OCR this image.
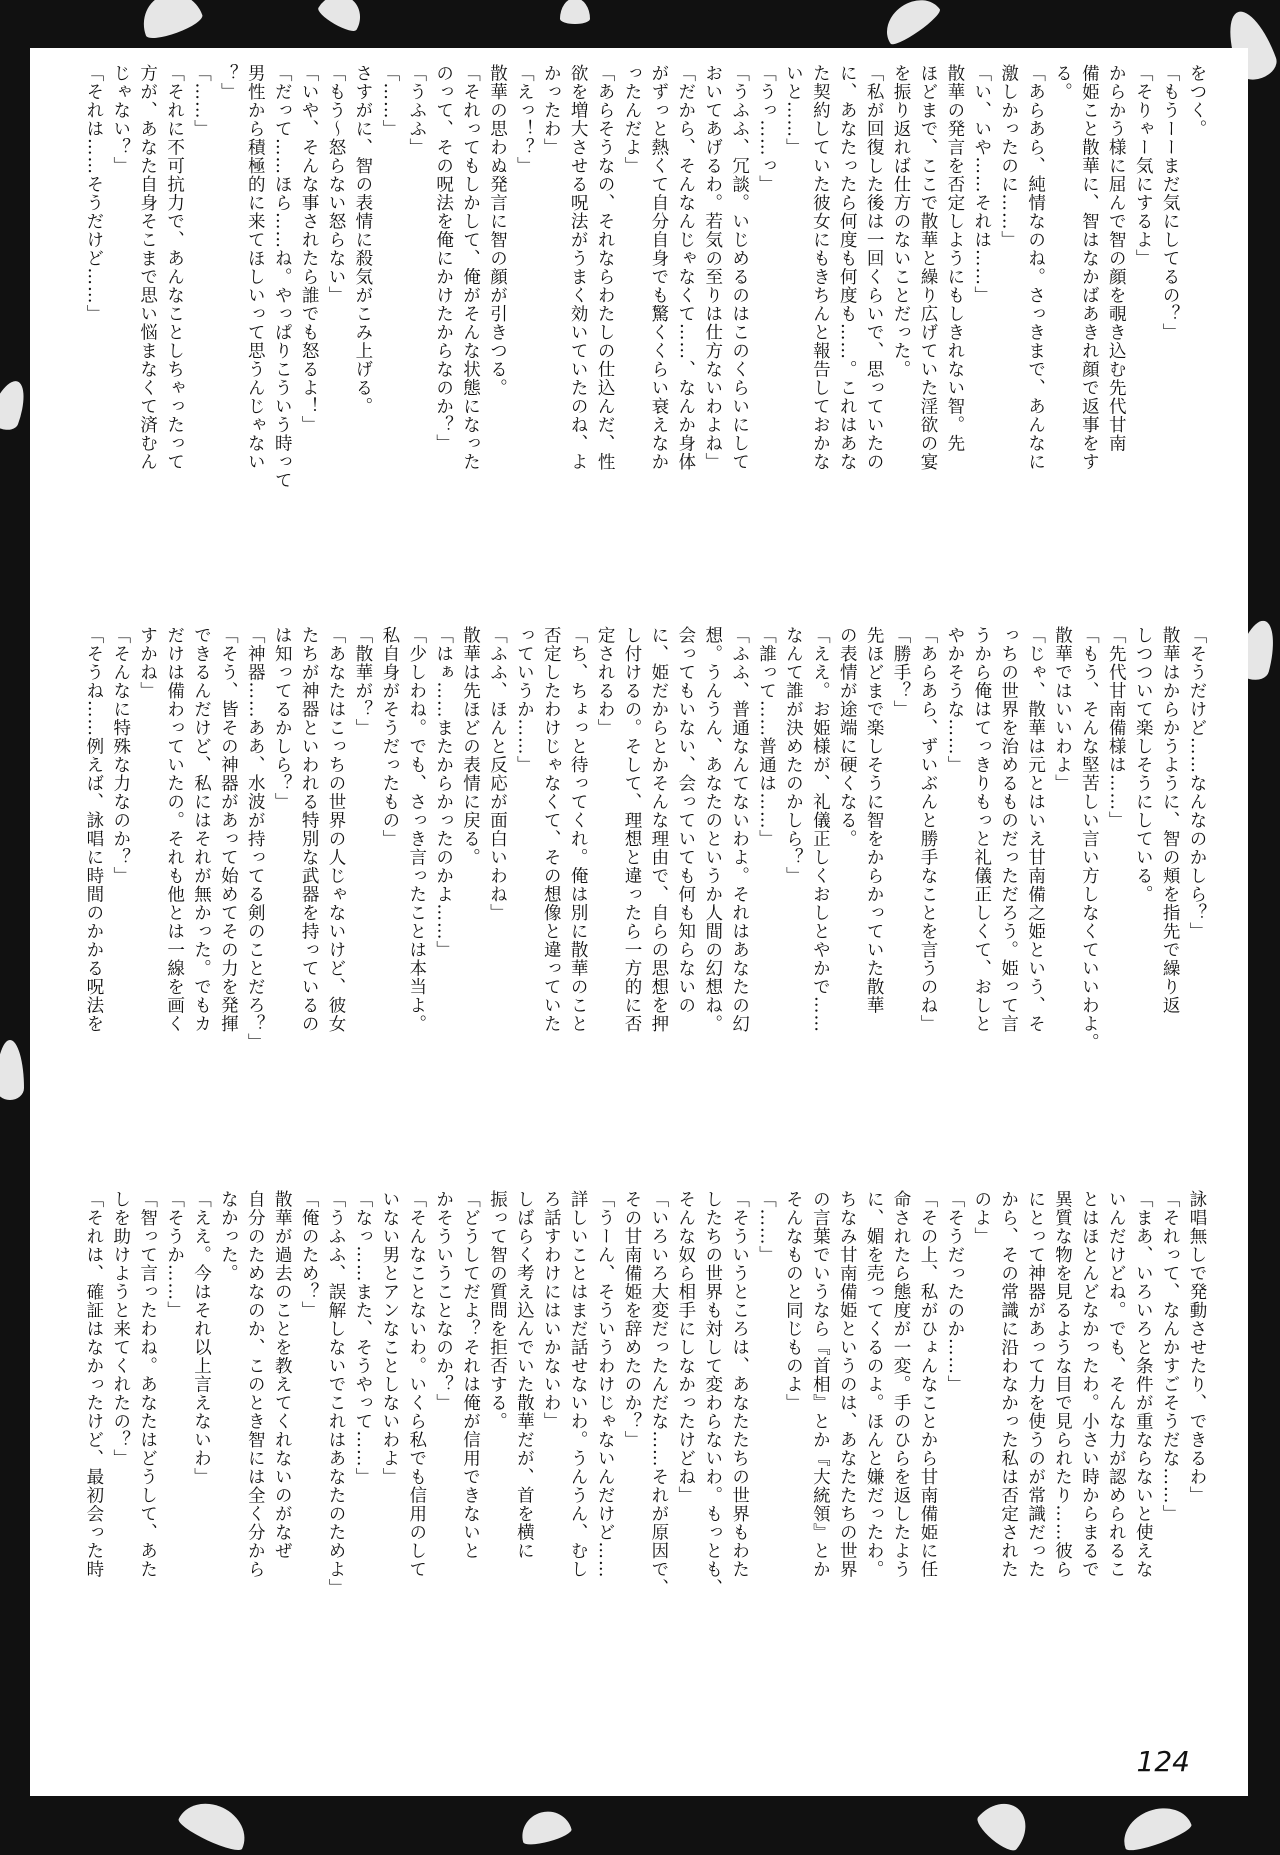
をつく。
「もうーーまだ気にしてるの？」
「そりゃー気にするよ」
からかう様に屈んで智の顔を覗き込む先代甘南
備姫こと散華に、智はなかばあきれ顔で返事をす
る。
「あらあら、純情なのね。さっきまで、あんなに
激しかったのに……」
「い、いや……それは……」
散華の発言を否定しようにもしきれない智。先
ほどまで、ここで散華と繰り広げていた淫欲の宴
を振り返れば仕方のないことだった。
「私が回復した後は一回くらいで、思っていたの
に、あなたったら何度も何度も……。これはあな
た契約していた彼女にもきちんと報告しておかな
いと……」
「うっ……っ」
「うふふ、冗談。いじめるのはこのくらいにして
おいてあげるわ。若気の至りは仕方ないわよね」
「だから、そんなんじゃなくて……、なんか身体
がずっと熱くて自分自身でも驚くくらい衰えなか
ったんだよ」
「あらそうなの、それならわたしの仕込んだ、性
欲を増大させる呪法がうまく効いていたのね、よ
かったわ」
「えっ！？」
散華の思わぬ発言に智の顔が引きつる。
「それってもしかして、俺がそんな状態になった
のって、その呪法を俺にかけたからなのか？」
「うふふ」
「……」
さすがに、智の表情に殺気がこみ上げる。
「もう〜怒らない怒らない」
「いや、そんな事されたら誰でも怒るよ！」
「だって……ほら……ね。やっぱりこういう時って
男性から積極的に来てほしいって思うんじゃない
？」
「……」
「それに不可抗力で、あんなことしちゃったって
方が、あなた自身そこまで思い悩まなくて済むん
じゃない？」
「それは……そうだけど……」
「そうだけど……なんなのかしら？」
散華はからかうように、智の頬を指先で繰り返
しつついて楽しそうにしている。
「先代甘南備様は……」
「もう、そんな堅苦しい言い方しなくていいわよ。
散華ではいいわよ」
「じゃ、散華は元とはいえ甘南備之姫という、そ
っちの世界を治めるものだっただろう。姫って言
うから俺はてっきりもっと礼儀正しくて、おしと
やかそうな……」
「あらあら、ずいぶんと勝手なことを言うのね」
「勝手？」
先ほどまで楽しそうに智をからかっていた散華
の表情が途端に硬くなる。
「ええ。お姫様が、礼儀正しくおしとやかで……
なんて誰が決めたのかしら？」
「誰って……普通は……」
「ふふ、普通なんてないわよ。それはあなたの幻
想。うんうん、あなたのというか人間の幻想ね。
会ってもいない、会っていても何も知らないの
に、姫だからとかそんな理由で、自らの思想を押
し付けるの。そして、理想と違ったら一方的に否
定されるわ」
「ち、ちょっと待ってくれ。俺は別に散華のこと
否定したわけじゃなくて、その想像と違っていた
っていうか……」
「ふふ、ほんと反応が面白いわね」
散華は先ほどの表情に戻る。
「はぁ……またからかったのかよ……」
「少しわね。でも、さっき言ったことは本当よ。
私自身がそうだったもの」
「散華が？」
「あなたはこっちの世界の人じゃないけど、彼女
たちが神器といわれる特別な武器を持っているの
は知ってるかしら？」
「神器……ああ、水波が持ってる剣のことだろ？」
「そう、皆その神器があって始めてその力を発揮
できるんだけど、私にはそれが無かった。でもカ
だけは備わっていたの。それも他とは一線を画く
すかね」
「そんなに特殊な力なのか？」
「そうね……例えば、詠唱に時間のかかる呪法を
詠唱無しで発動させたり、できるわ」
「それって、なんかすごそうだな……」
「まあ、いろいろと条件が重ならないと使えな
いんだけどね。でも、そんな力が認められるこ
とはほとんどなかったわ。小さい時からまるで
異質な物を見るような目で見られたり……彼ら
にとって神器があって力を使うのが常識だった
から、その常識に沿わなかった私は否定された
のよ」
「そうだったのか……」
「その上、私がひょんなことから甘南備姫に任
命されたら態度が一変。手のひらを返したよう
に、媚を売ってくるのよ。ほんと嫌だったわ。
ちなみ甘南備姫というのは、あなたたちの世界
の言葉でいうなら『首相』とか『大統領』とか
そんなものと同じものよ」
「……」
「そういうところは、あなたたちの世界もわた
したちの世界も対して変わらないわ。もっとも、
そんな奴ら相手にしなかったけどね」
「いろいろ大変だったんだな……それが原因で、
その甘南備姫を辞めたのか？」
「うーん、そういうわけじゃないんだけど……
詳しいことはまだ話せないわ。うんうん、むし
ろ話すわけにはいかないわ」
しばらく考え込んでいた散華だが、首を横に
振って智の質問を拒否する。
「どうしてだよ？それは俺が信用できないと
かそういうことなのか？」
「そんなことないわ。いくら私でも信用のして
いない男とアンなことしないわよ」
「なっ……また、そうやって……」
「うふふ、誤解しないでこれはあなたのためよ」
「俺のため？」
散華が過去のことを教えてくれないのがなぜ
自分のためなのか、このとき智には全く分から
なかった。
「ええ。今はそれ以上言えないわ」
「そうか……」
「智って言ったわね。あなたはどうして、あた
しを助けようと来てくれたの？」
「それは、確証はなかったけど、最初会った時
124
